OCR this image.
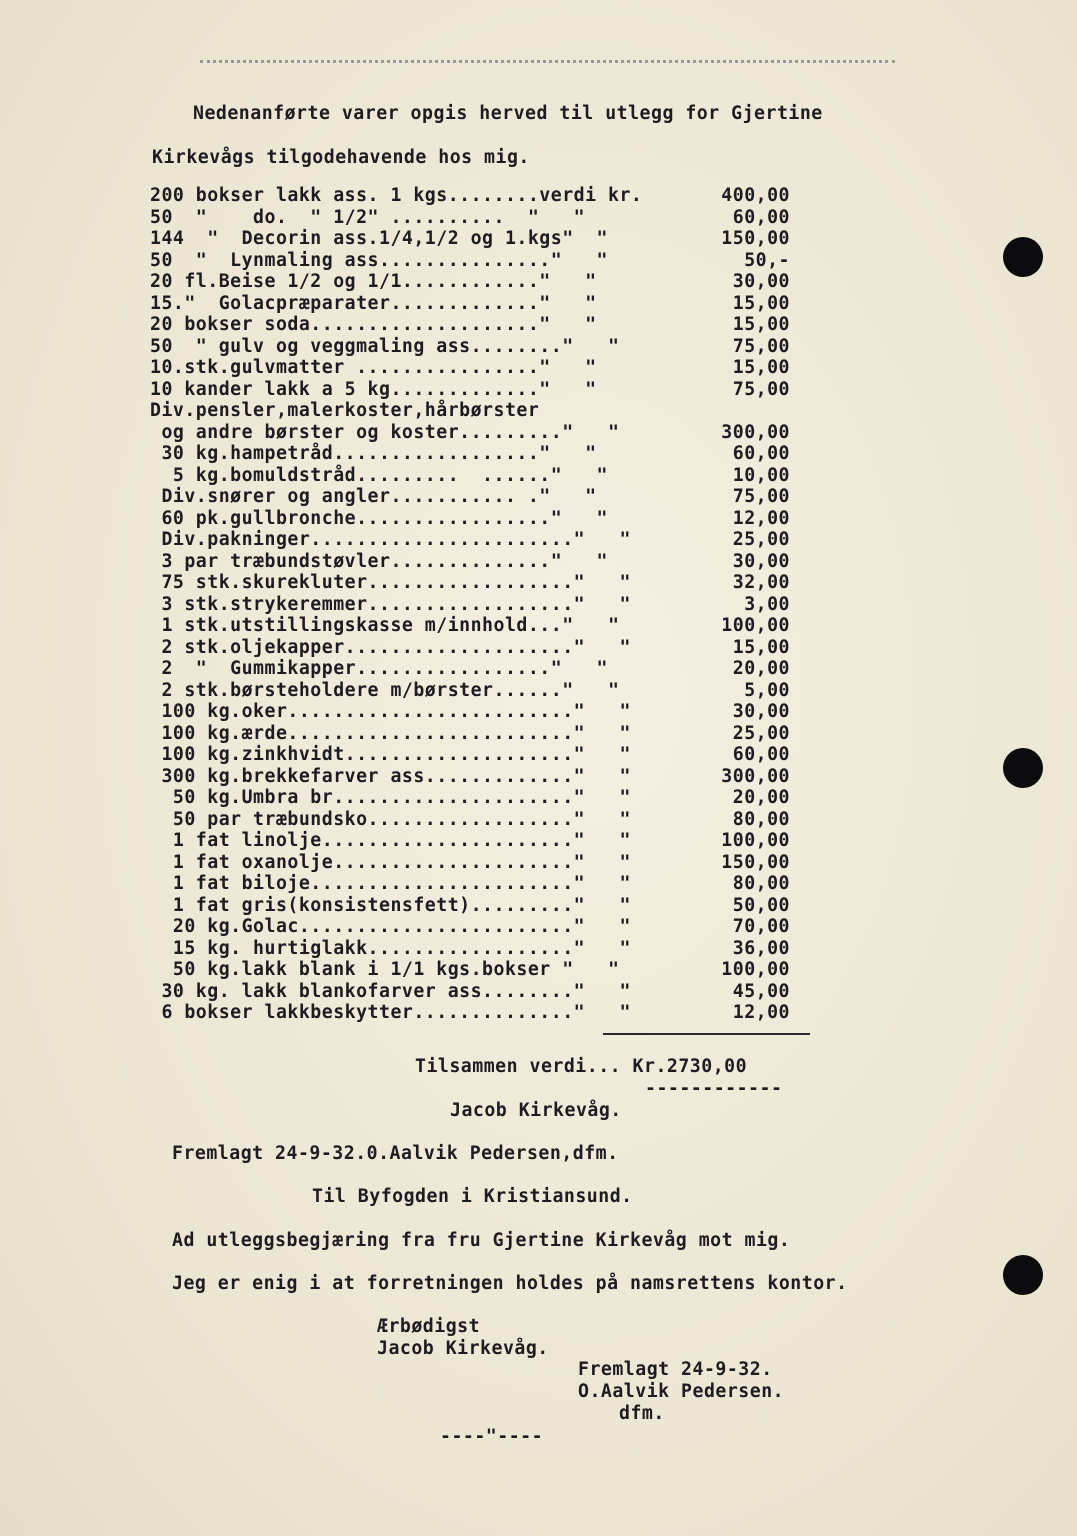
Nedenanførte varer opgis herved til utlegg for Gjertine
Kirkevågs tilgodehavende hos mig.
200 bokser lakk ass. 1 kgs........verdi kr.	400,00
50  "    do.  " 1/2" ..........  "   "	60,00
144  "  Decorin ass.1/4,1/2 og 1.kgs"  "	150,00
50  "  Lynmaling ass..............."   "	50,-
20 fl.Beise 1/2 og 1/1............"   "	30,00
15."  Golacpræparater............."   "	15,00
20 bokser soda...................."   "	15,00
50  " gulv og veggmaling ass........"   "	75,00
10.stk.gulvmatter ................"   "	15,00
10 kander lakk a 5 kg............."   "	75,00
Div.pensler,malerkoster,hårbørster
og andre børster og koster........."   "	300,00
30 kg.hampetråd.................."   "	60,00
5 kg.bomuldstråd.........  ......"   "	10,00
Div.snører og angler........... ."   "	75,00
60 pk.gullbronche................."   "	12,00
Div.pakninger......................."   "	25,00
3 par træbundstøvler.............."   "	30,00
75 stk.skurekluter.................."   "	32,00
3 stk.strykeremmer.................."   "	3,00
1 stk.utstillingskasse m/innhold..."   "	100,00
2 stk.oljekapper...................."   "	15,00
2  "  Gummikapper................."   "	20,00
2 stk.børsteholdere m/børster......"   "	5,00
100 kg.oker........................."   "	30,00
100 kg.ærde........................."   "	25,00
100 kg.zinkhvidt...................."   "	60,00
300 kg.brekkefarver ass............."   "	300,00
50 kg.Umbra br....................."   "	20,00
50 par træbundsko.................."   "	80,00
1 fat linolje......................"   "	100,00
1 fat oxanolje....................."   "	150,00
1 fat biloje......................."   "	80,00
1 fat gris(konsistensfett)........."   "	50,00
20 kg.Golac........................"   "	70,00
15 kg. hurtiglakk.................."   "	36,00
50 kg.lakk blank i 1/1 kgs.bokser "   "	100,00
30 kg. lakk blankofarver ass........"   "	45,00
6 bokser lakkbeskytter.............."   "	12,00
Tilsammen verdi... Kr.2730,00
------------
Jacob Kirkevåg.
Fremlagt 24-9-32.0.Aalvik Pedersen,dfm.
Til Byfogden i Kristiansund.
Ad utleggsbegjæring fra fru Gjertine Kirkevåg mot mig.
Jeg er enig i at forretningen holdes på namsrettens kontor.
Ærbødigst
Jacob Kirkevåg.
Fremlagt 24-9-32.
O.Aalvik Pedersen.
dfm.
----"----
